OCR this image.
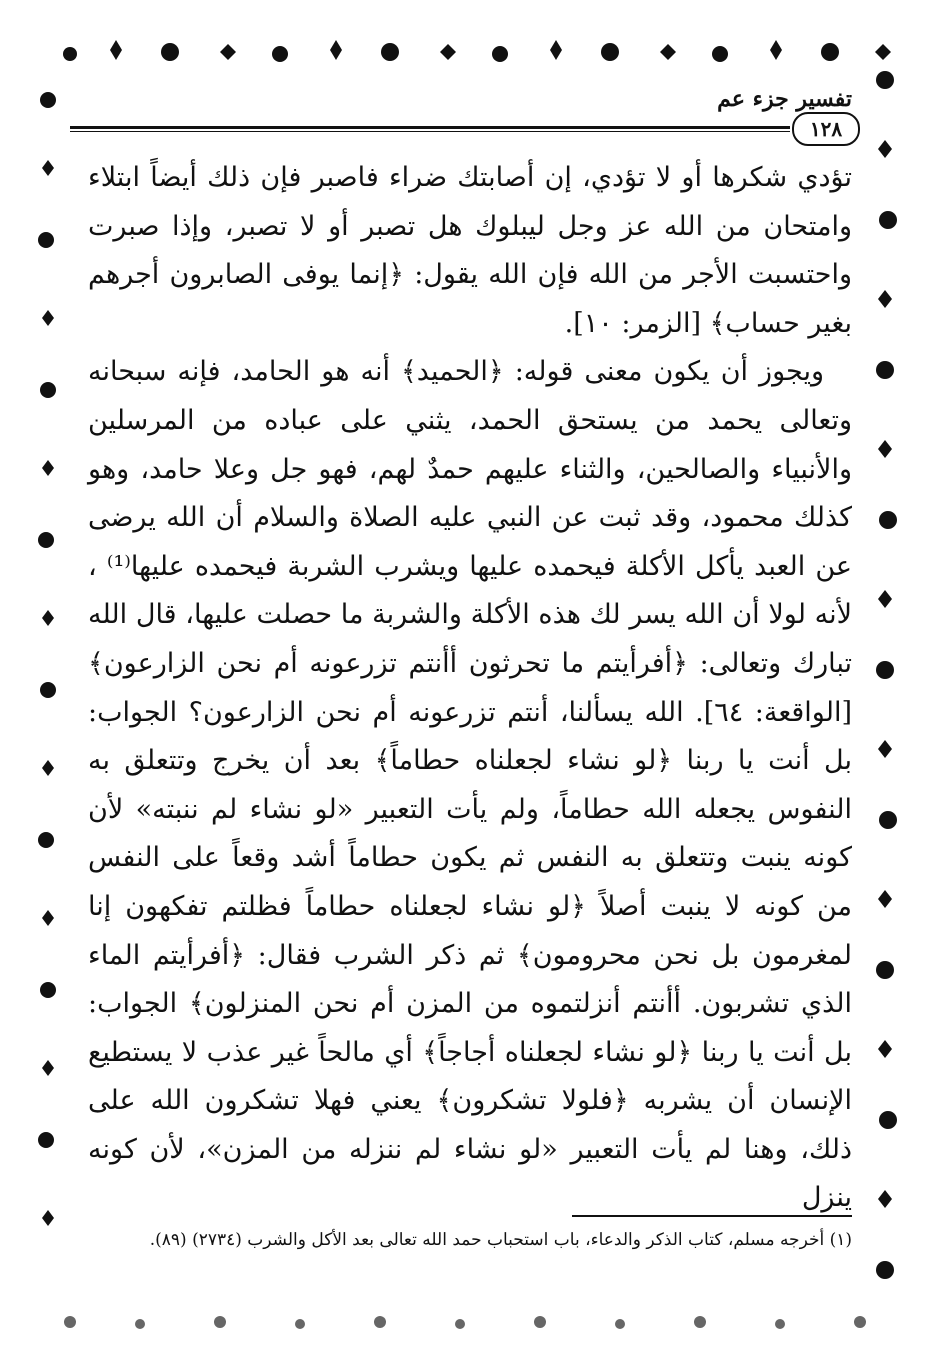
تفسير جزء عم
١٢٨

تؤدي شكرها أو لا تؤدي، إن أصابتك ضراء فاصبر فإن ذلك أيضاً ابتلاء وامتحان من الله عز وجل ليبلوك هل تصبر أو لا تصبر، وإذا صبرت واحتسبت الأجر من الله فإن الله يقول: ﴿إنما يوفى الصابرون أجرهم بغير حساب﴾ [الزمر: ١٠].

ويجوز أن يكون معنى قوله: ﴿الحميد﴾ أنه هو الحامد، فإنه سبحانه وتعالى يحمد من يستحق الحمد، يثني على عباده من المرسلين والأنبياء والصالحين، والثناء عليهم حمدٌ لهم، فهو جل وعلا حامد، وهو كذلك محمود، وقد ثبت عن النبي عليه الصلاة والسلام أن الله يرضى عن العبد يأكل الأكلة فيحمده عليها ويشرب الشربة فيحمده عليها⁽¹⁾ ، لأنه لولا أن الله يسر لك هذه الأكلة والشربة ما حصلت عليها، قال الله تبارك وتعالى: ﴿أفرأيتم ما تحرثون أأنتم تزرعونه أم نحن الزارعون﴾ [الواقعة: ٦٤]. الله يسألنا، أنتم تزرعونه أم نحن الزارعون؟ الجواب: بل أنت يا ربنا ﴿لو نشاء لجعلناه حطاماً﴾ بعد أن يخرج وتتعلق به النفوس يجعله الله حطاماً، ولم يأت التعبير «لو نشاء لم ننبته» لأن كونه ينبت وتتعلق به النفس ثم يكون حطاماً أشد وقعاً على النفس من كونه لا ينبت أصلاً ﴿لو نشاء لجعلناه حطاماً فظلتم تفكهون إنا لمغرمون بل نحن محرومون﴾ ثم ذكر الشرب فقال: ﴿أفرأيتم الماء الذي تشربون. أأنتم أنزلتموه من المزن أم نحن المنزلون﴾ الجواب: بل أنت يا ربنا ﴿لو نشاء لجعلناه أجاجاً﴾ أي مالحاً غير عذب لا يستطيع الإنسان أن يشربه ﴿فلولا تشكرون﴾ يعني فهلا تشكرون الله على ذلك، وهنا لم يأت التعبير «لو نشاء لم ننزله من المزن»، لأن كونه ينزل

(١) أخرجه مسلم، كتاب الذكر والدعاء، باب استحباب حمد الله تعالى بعد الأكل والشرب (٢٧٣٤) (٨٩).
